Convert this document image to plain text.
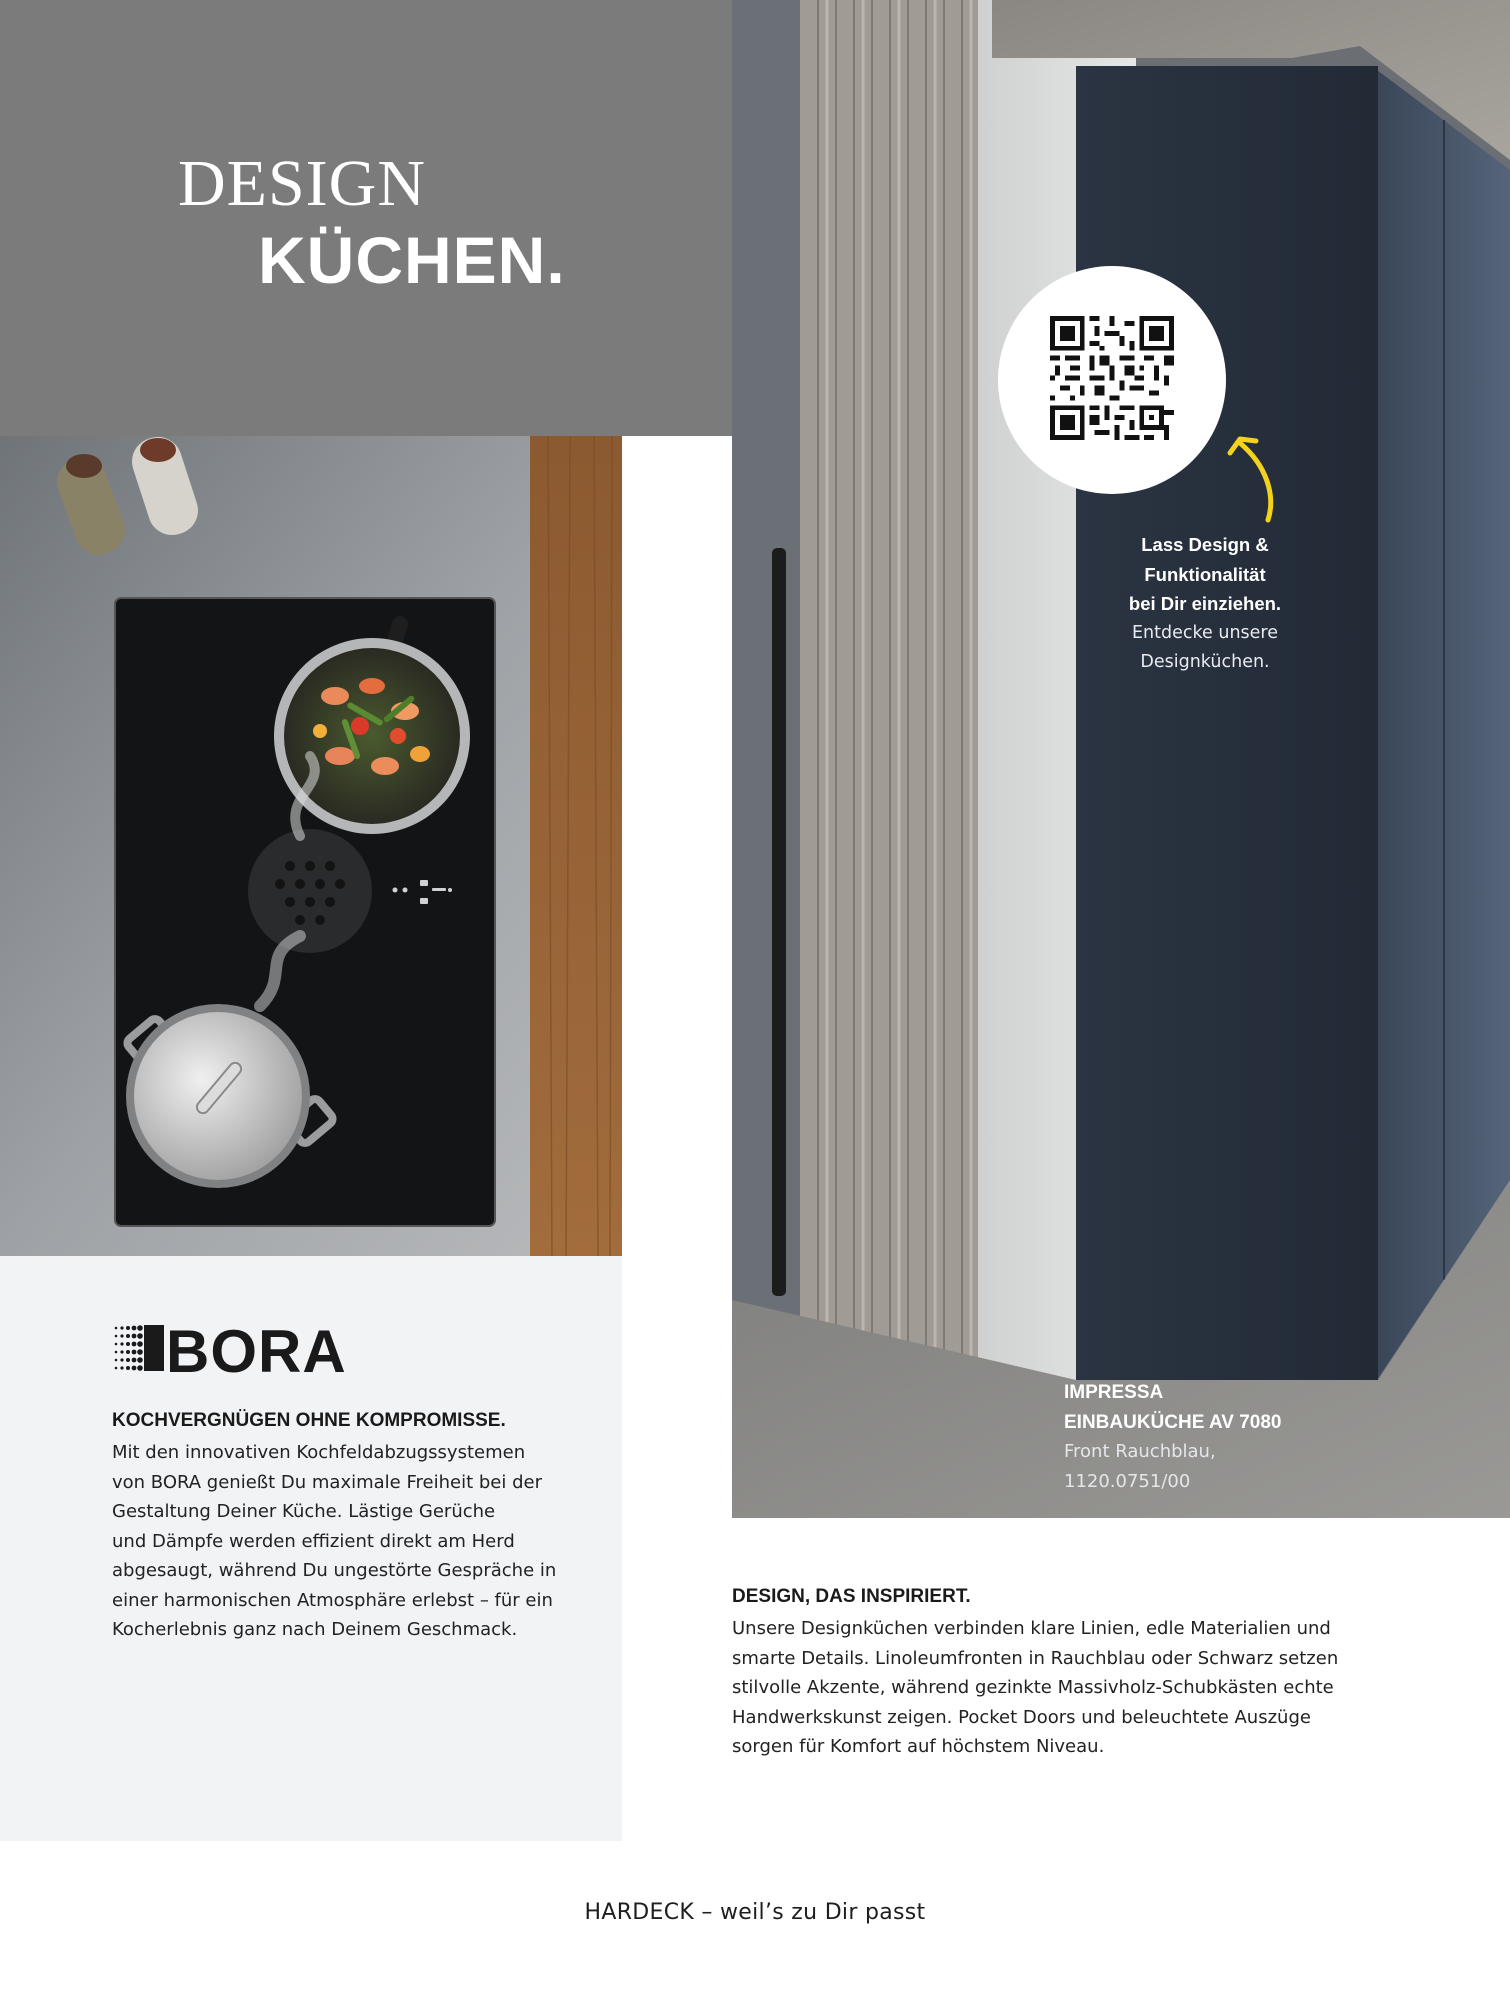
DESIGN
KÜCHEN.
Lass Design &
Funktionalität
bei Dir einziehen.
Entdecke unsere
Designküchen.
IMPRESSA
EINBAUKÜCHE AV 7080
Front Rauchblau,
1120.0751/00
BORA
KOCHVERGNÜGEN OHNE KOMPROMISSE.
Mit den innovativen Kochfeldabzugssystemen
von BORA genießt Du maximale Freiheit bei der
Gestaltung Deiner Küche. Lästige Gerüche
und Dämpfe werden effizient direkt am Herd
abgesaugt, während Du ungestörte Gespräche in
einer harmonischen Atmosphäre erlebst – für ein
Kocherlebnis ganz nach Deinem Geschmack.
DESIGN, DAS INSPIRIERT.
Unsere Designküchen verbinden klare Linien, edle Materialien und
smarte Details. Linoleumfronten in Rauchblau oder Schwarz setzen
stilvolle Akzente, während gezinkte Massivholz-Schubkästen echte
Handwerkskunst zeigen. Pocket Doors und beleuchtete Auszüge
sorgen für Komfort auf höchstem Niveau.
HARDECK – weil’s zu Dir passt
